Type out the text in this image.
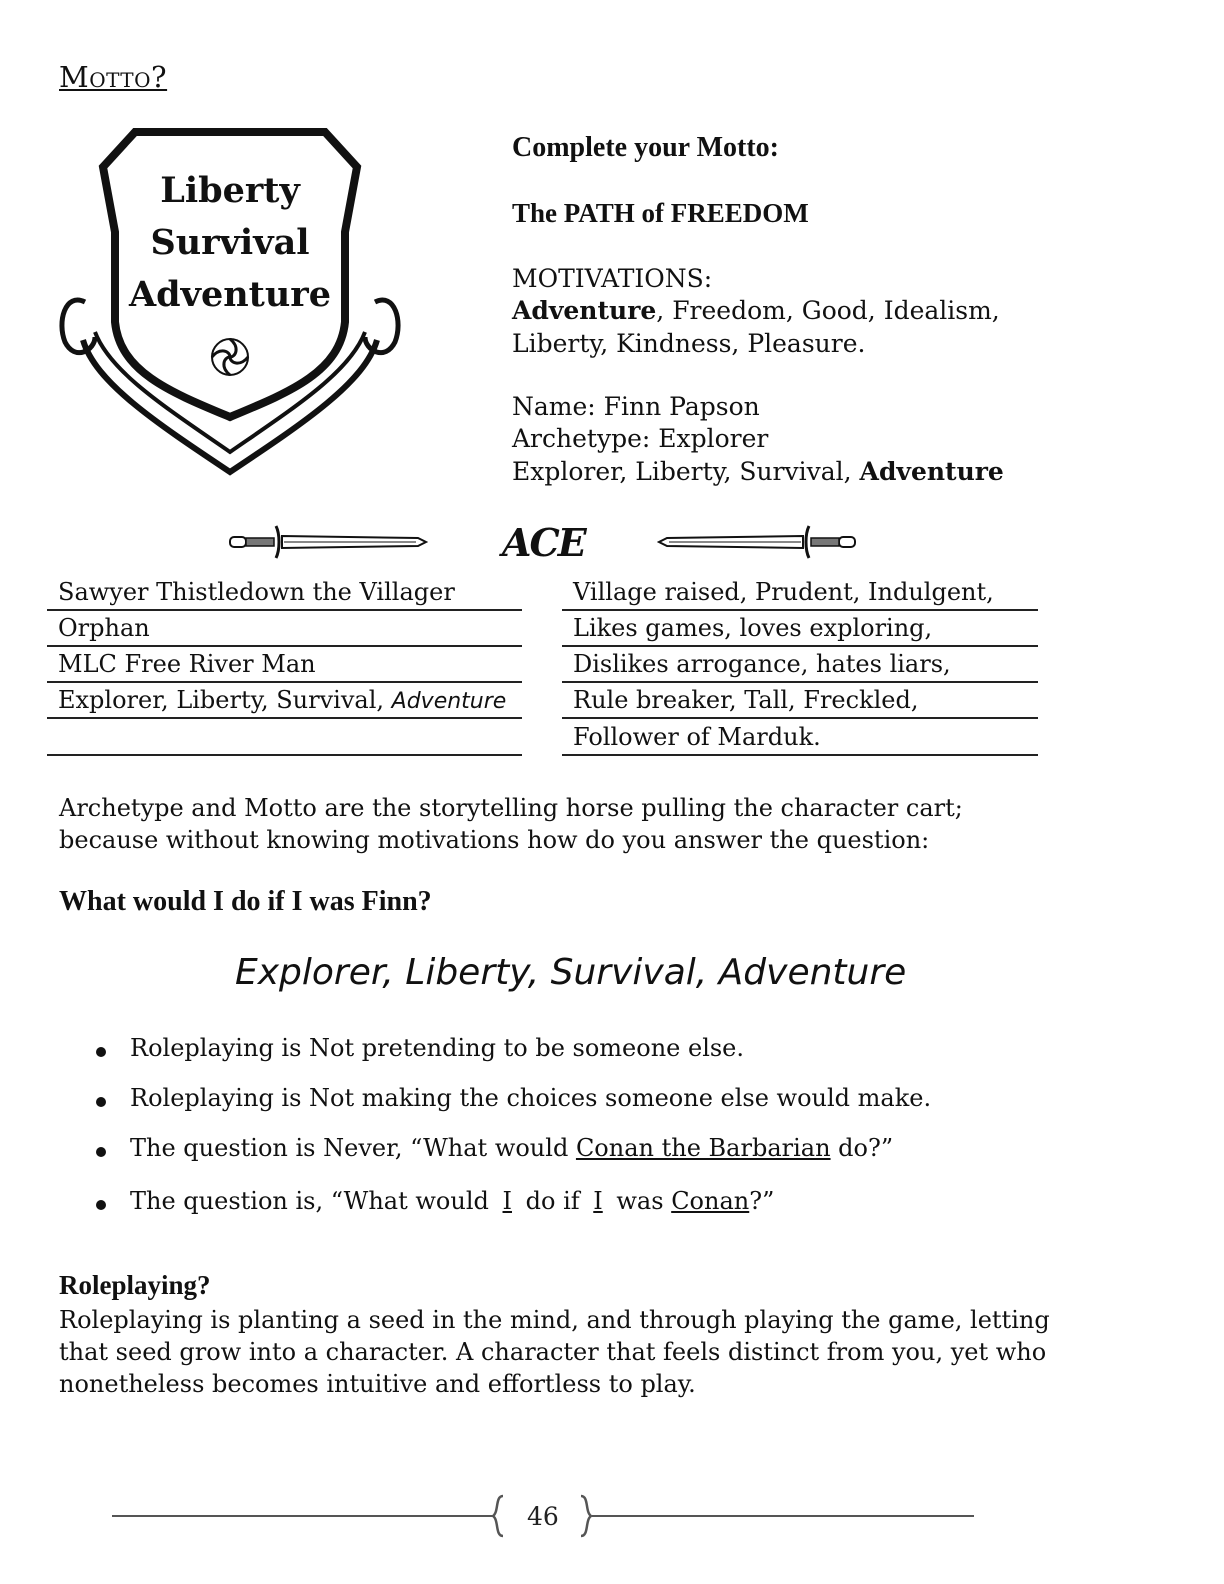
Motto?
Liberty
Survival
Adventure
Complete your Motto:
The PATH of FREEDOM
MOTIVATIONS:
Adventure, Freedom, Good, Idealism,
Liberty, Kindness, Pleasure.
Name: Finn Papson
Archetype: Explorer
Explorer, Liberty, Survival, Adventure
ACE
Sawyer Thistledown the Villager
Orphan
MLC Free River Man
Explorer, Liberty, Survival, Adventure
Village raised, Prudent, Indulgent,
Likes games, loves exploring,
Dislikes arrogance, hates liars,
Rule breaker, Tall, Freckled,
Follower of Marduk.
Archetype and Motto are the storytelling horse pulling the character cart; because without knowing motivations how do you answer the question:
What would I do if I was Finn?
Explorer, Liberty, Survival, Adventure
Roleplaying is Not pretending to be someone else.
Roleplaying is Not making the choices someone else would make.
The question is Never, “What would Conan the Barbarian do?”
The question is, “What would I do if I was Conan?”
Roleplaying?
Roleplaying is planting a seed in the mind, and through playing the game, letting that seed grow into a character. A character that feels distinct from you, yet who nonetheless becomes intuitive and effortless to play.
46
